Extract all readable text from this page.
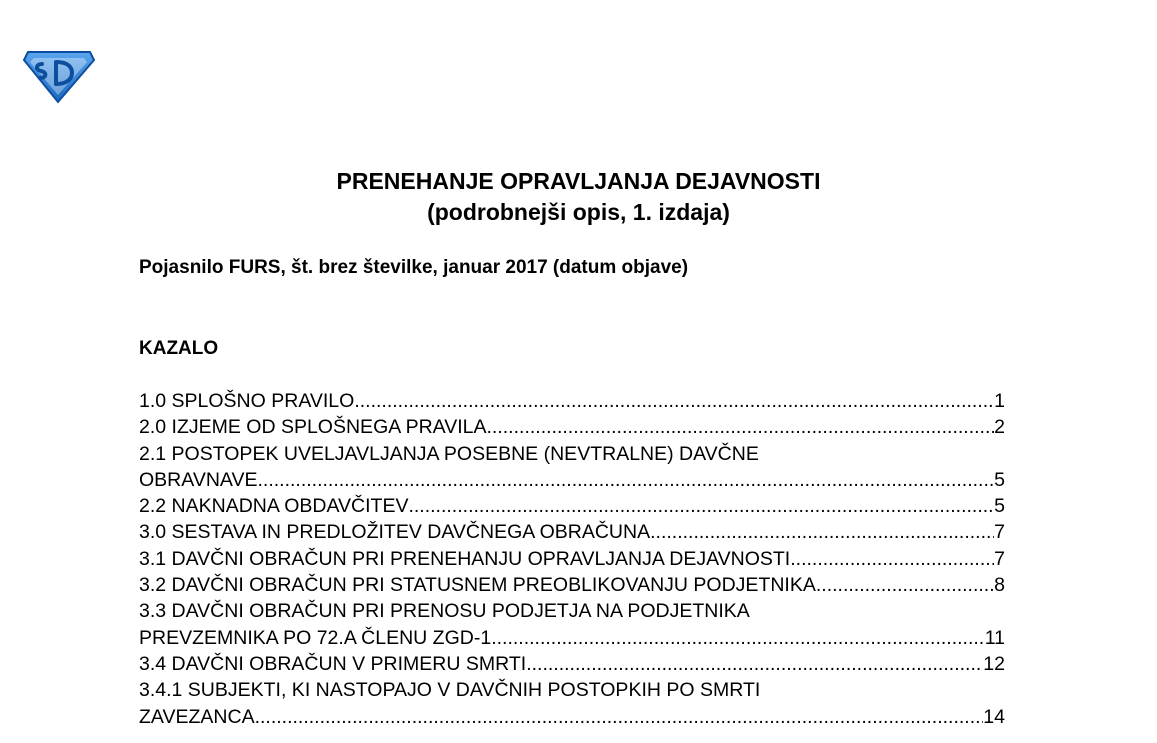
PRENEHANJE OPRAVLJANJA DEJAVNOSTI
(podrobnejši opis, 1. izdaja)
Pojasnilo FURS, št. brez številke, januar 2017 (datum objave)
KAZALO
1.0 SPLOŠNO PRAVILO .....	1
2.0 IZJEME OD SPLOŠNEGA PRAVILA .....	2
2.1 POSTOPEK UVELJAVLJANJA POSEBNE (NEVTRALNE) DAVČNE
OBRAVNAVE .....	5
2.2 NAKNADNA OBDAVČITEV .....	5
3.0 SESTAVA IN PREDLOŽITEV DAVČNEGA OBRAČUNA .....	7
3.1 DAVČNI OBRAČUN PRI PRENEHANJU OPRAVLJANJA DEJAVNOSTI .....	7
3.2 DAVČNI OBRAČUN PRI STATUSNEM PREOBLIKOVANJU PODJETNIKA .....	8
3.3 DAVČNI OBRAČUN PRI PRENOSU PODJETJA NA PODJETNIKA
PREVZEMNIKA PO 72.A ČLENU ZGD-1 .....	11
3.4 DAVČNI OBRAČUN V PRIMERU SMRTI .....	12
3.4.1 SUBJEKTI, KI NASTOPAJO V DAVČNIH POSTOPKIH PO SMRTI
ZAVEZANCA .....	14
